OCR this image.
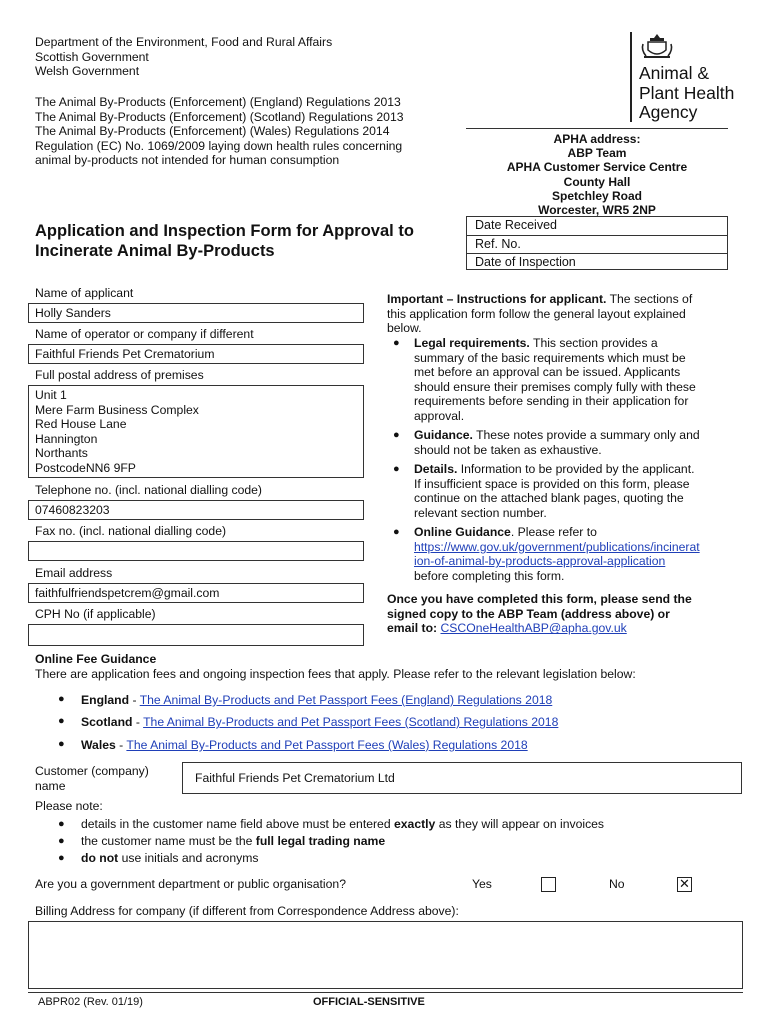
Department of the Environment, Food and Rural Affairs
Scottish Government
Welsh Government
The Animal By-Products (Enforcement) (England) Regulations 2013
The Animal By-Products (Enforcement) (Scotland) Regulations 2013
The Animal By-Products (Enforcement) (Wales) Regulations 2014
Regulation (EC) No. 1069/2009 laying down health rules concerning
animal by-products not intended for human consumption
Animal &
Plant Health
Agency
APHA address:
ABP Team
APHA Customer Service Centre
County Hall
Spetchley Road
Worcester, WR5 2NP
Date Received
Ref. No.
Date of Inspection
Application and Inspection Form for Approval to
Incinerate Animal By-Products
Name of applicant
Holly Sanders
Name of operator or company if different
Faithful Friends Pet Crematorium
Full postal address of premises
Unit 1
Mere Farm Business Complex
Red House Lane
Hannington
Northants
PostcodeNN6 9FP
Telephone no. (incl. national dialling code)
07460823203
Fax no. (incl. national dialling code)
Email address
faithfulfriendspetcrem@gmail.com
CPH No (if applicable)
Important – Instructions for applicant. The sections of
this application form follow the general layout explained
below.
● Legal requirements. This section provides a
summary of the basic requirements which must be
met before an approval can be issued. Applicants
should ensure their premises comply fully with these
requirements before sending in their application for
approval.
● Guidance. These notes provide a summary only and
should not be taken as exhaustive.
● Details. Information to be provided by the applicant.
If insufficient space is provided on this form, please
continue on the attached blank pages, quoting the
relevant section number.
● Online Guidance. Please refer to
https://www.gov.uk/government/publications/incinerat
ion-of-animal-by-products-approval-application
before completing this form.
Once you have completed this form, please send the
signed copy to the ABP Team (address above) or
email to: CSCOneHealthABP@apha.gov.uk
Online Fee Guidance
There are application fees and ongoing inspection fees that apply. Please refer to the relevant legislation below:
● England - The Animal By-Products and Pet Passport Fees (England) Regulations 2018
● Scotland - The Animal By-Products and Pet Passport Fees (Scotland) Regulations 2018
● Wales - The Animal By-Products and Pet Passport Fees (Wales) Regulations 2018
Customer (company)
name
Faithful Friends Pet Crematorium Ltd
Please note:
● details in the customer name field above must be entered exactly as they will appear on invoices
● the customer name must be the full legal trading name
● do not use initials and acronyms
Are you a government department or public organisation?	Yes	No	✕
Billing Address for company (if different from Correspondence Address above):
ABPR02 (Rev. 01/19)	OFFICIAL-SENSITIVE
